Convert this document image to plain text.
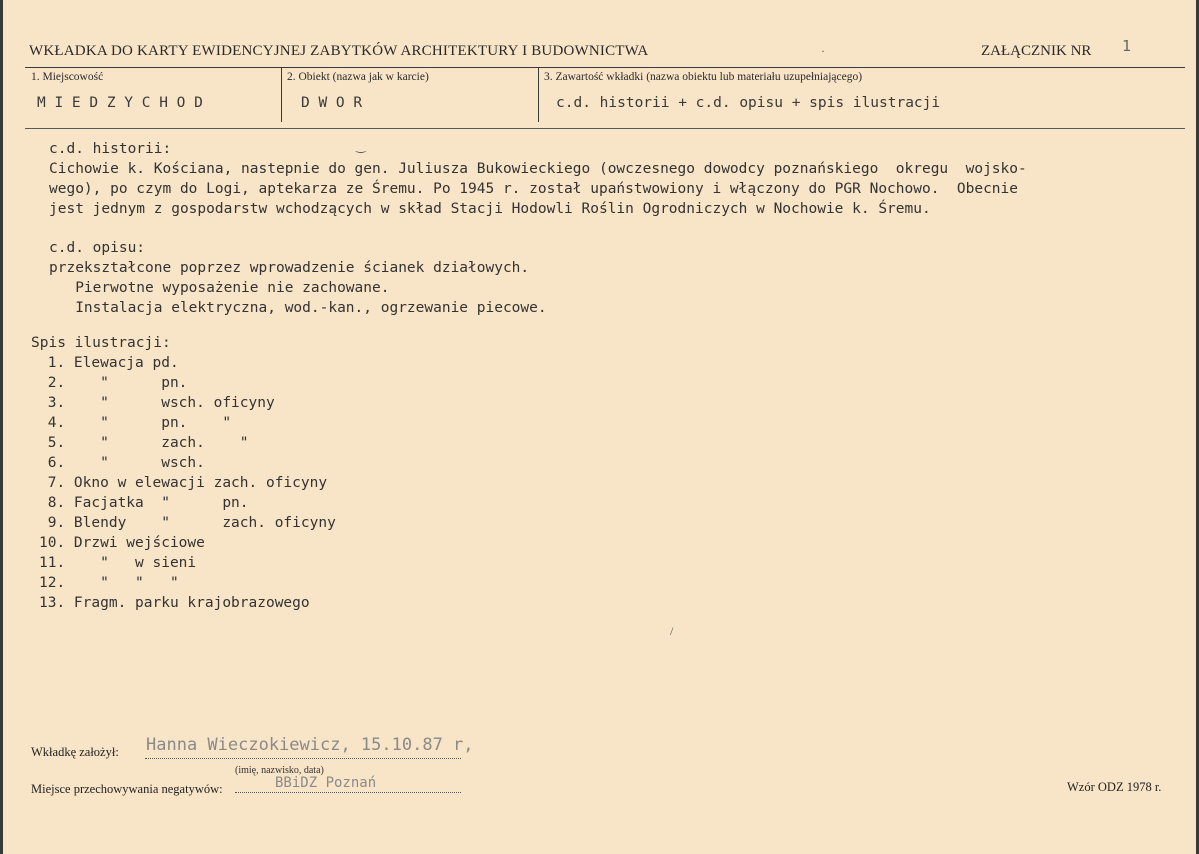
WKŁADKA DO KARTY EWIDENCYJNEJ ZABYTKÓW ARCHITEKTURY I BUDOWNICTWA	ZAŁĄCZNIK NR 1
1. Miejscowość
M I E D Z Y C H O D
2. Obiekt (nazwa jak w karcie)
D W O R
3. Zawartość wkładki (nazwa obiektu lub materiału uzupełniającego)
c.d. historii + c.d. opisu + spis ilustracji
c.d. historii:
Cichowie k. Kościana, nastepnie do gen. Juliusza Bukowieckiego (owczesnego dowodcy poznańskiego  okregu  wojsko-
wego), po czym do Logi, aptekarza ze Śremu. Po 1945 r. został upaństwowiony i włączony do PGR Nochowo.  Obecnie
jest jednym z gospodarstw wchodzących w skład Stacji Hodowli Roślin Ogrodniczych w Nochowie k. Śremu.
c.d. opisu:
przekształcone poprzez wprowadzenie ścianek działowych.
Pierwotne wyposażenie nie zachowane.
Instalacja elektryczna, wod.-kan., ogrzewanie piecowe.
Spis ilustracji:
1. Elewacja pd.
2.    "      pn.
3.    "      wsch. oficyny
4.    "      pn.    "
5.    "      zach.    "
6.    "      wsch.
7. Okno w elewacji zach. oficyny
8. Facjatka  "      pn.
9. Blendy    "      zach. oficyny
10. Drzwi wejściowe
11.    "   w sieni
12.    "   "   "
13. Fragm. parku krajobrazowego
Wkładkę założył: Hanna Wieczokiewicz, 15.10.87 r,
(imię, nazwisko, data)
Miejsce przechowywania negatywów:	BBiDZ Poznań	Wzór ODZ 1978 r.
‿
/
·
